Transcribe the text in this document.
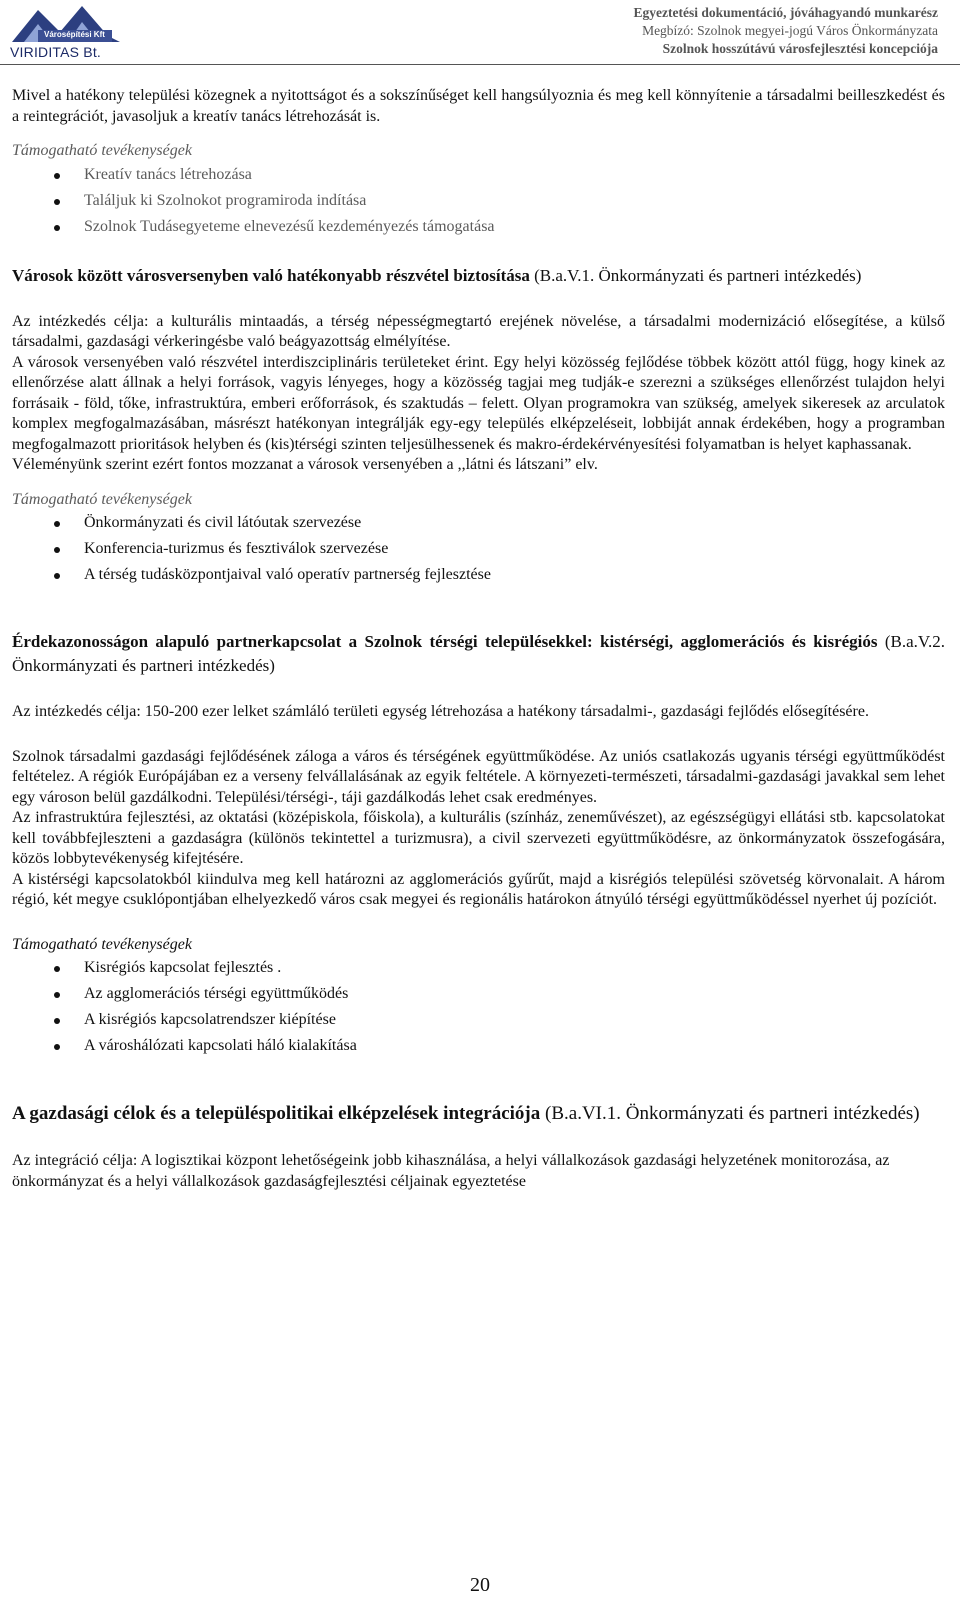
Városépítési Kft
VIRIDITAS Bt.
Egyeztetési dokumentáció, jóváhagyandó munkarész
Megbízó: Szolnok megyei-jogú Város Önkormányzata
Szolnok hosszútávú városfejlesztési koncepciója

Mivel a hatékony települési közegnek a nyitottságot és a sokszínűséget kell hangsúlyoznia és meg kell könnyítenie a társadalmi beilleszkedést és a reintegrációt, javasoljuk a kreatív tanács létrehozását is.

Támogatható tevékenységek
Kreatív tanács létrehozása
Találjuk ki Szolnokot programiroda indítása
Szolnok Tudásegyeteme elnevezésű kezdeményezés támogatása

Városok között városversenyben való hatékonyabb részvétel biztosítása (B.a.V.1. Önkormányzati és partneri intézkedés)

Az intézkedés célja: a kulturális mintaadás, a térség népességmegtartó erejének növelése, a társadalmi modernizáció elősegítése, a külső társadalmi, gazdasági vérkeringésbe való beágyazottság elmélyítése.

A városok versenyében való részvétel interdiszciplináris területeket érint. Egy helyi közösség fejlődése többek között attól függ, hogy kinek az ellenőrzése alatt állnak a helyi források, vagyis lényeges, hogy a közösség tagjai meg tudják-e szerezni a szükséges ellenőrzést tulajdon helyi forrásaik - föld, tőke, infrastruktúra, emberi erőforrások, és szaktudás – felett. Olyan programokra van szükség, amelyek sikeresek az arculatok komplex megfogalmazásában, másrészt hatékonyan integrálják egy-egy település elképzeléseit, lobbiját annak érdekében, hogy a programban megfogalmazott prioritások helyben és (kis)térségi szinten teljesülhessenek és makro-érdekérvényesítési folyamatban is helyet kaphassanak.

Véleményünk szerint ezért fontos mozzanat a városok versenyében a ,,látni és látszani” elv.

Támogatható tevékenységek
Önkormányzati és civil látóutak szervezése
Konferencia-turizmus és fesztiválok szervezése
A térség tudásközpontjaival való operatív partnerség fejlesztése

Érdekazonosságon alapuló partnerkapcsolat a Szolnok térségi településekkel: kistérségi, agglomerációs és kisrégiós (B.a.V.2. Önkormányzati és partneri intézkedés)

Az intézkedés célja: 150-200 ezer lelket számláló területi egység létrehozása a hatékony társadalmi-, gazdasági fejlődés elősegítésére.

Szolnok társadalmi gazdasági fejlődésének záloga a város és térségének együttműködése. Az uniós csatlakozás ugyanis térségi együttműködést feltételez. A régiók Európájában ez a verseny felvállalásának az egyik feltétele. A környezeti-természeti, társadalmi-gazdasági javakkal sem lehet egy városon belül gazdálkodni. Települési/térségi-, táji gazdálkodás lehet csak eredményes.

Az infrastruktúra fejlesztési, az oktatási (középiskola, főiskola), a kulturális (színház, zeneművészet), az egészségügyi ellátási stb. kapcsolatokat kell továbbfejleszteni a gazdaságra (különös tekintettel a turizmusra), a civil szervezeti együttműködésre, az önkormányzatok összefogására, közös lobbytevékenység kifejtésére.

A kistérségi kapcsolatokból kiindulva meg kell határozni az agglomerációs gyűrűt, majd a kisrégiós települési szövetség körvonalait. A három régió, két megye csuklópontjában elhelyezkedő város csak megyei és regionális határokon átnyúló térségi együttműködéssel nyerhet új pozíciót.

Támogatható tevékenységek
Kisrégiós kapcsolat fejlesztés .
Az agglomerációs térségi együttműködés
A kisrégiós kapcsolatrendszer kiépítése
A városhálózati kapcsolati háló kialakítása

A gazdasági célok és a településpolitikai elképzelések integrációja (B.a.VI.1. Önkormányzati és partneri intézkedés)

Az integráció célja: A logisztikai központ lehetőségeink jobb kihasználása, a helyi vállalkozások gazdasági helyzetének monitorozása, az önkormányzat és a helyi vállalkozások gazdaságfejlesztési céljainak egyeztetése

20
